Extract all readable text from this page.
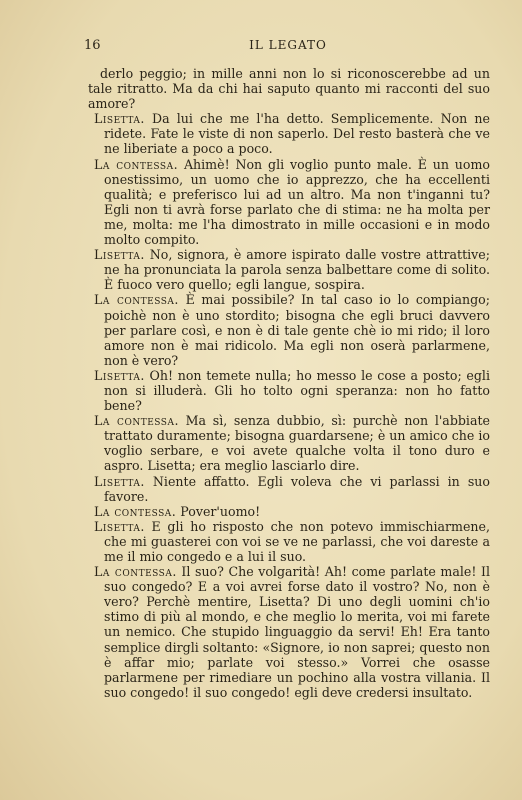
16	IL LEGATO

derlo peggio; in mille anni non lo si riconoscerebbe ad un tale ritratto. Ma da chi hai saputo quanto mi racconti del suo amore?

Lisetta. Da lui che me l'ha detto. Semplicemente. Non ne ridete. Fate le viste di non saperlo. Del resto basterà che ve ne liberiate a poco a poco.

La contessa. Ahimè! Non gli voglio punto male. È un uomo onestissimo, un uomo che io apprezzo, che ha eccellenti qualità; e preferisco lui ad un altro. Ma non t'inganni tu? Egli non ti avrà forse parlato che di stima: ne ha molta per me, molta: me l'ha dimostrato in mille occasioni e in modo molto compito.

Lisetta. No, signora, è amore ispirato dalle vostre attrattive; ne ha pronunciata la parola senza balbettare come di solito. È fuoco vero quello; egli langue, sospira.

La contessa. È mai possibile? In tal caso io lo compiango; poichè non è uno stordito; bisogna che egli bruci davvero per parlare così, e non è di tale gente chè io mi rido; il loro amore non è mai ridicolo. Ma egli non oserà parlarmene, non è vero?

Lisetta. Oh! non temete nulla; ho messo le cose a posto; egli non si illuderà. Gli ho tolto ogni speranza: non ho fatto bene?

La contessa. Ma sì, senza dubbio, sì: purchè non l'abbiate trattato duramente; bisogna guardarsene; è un amico che io voglio serbare, e voi avete qualche volta il tono duro e aspro. Lisetta; era meglio lasciarlo dire.

Lisetta. Niente affatto. Egli voleva che vi parlassi in suo favore.

La contessa. Pover'uomo!

Lisetta. E gli ho risposto che non potevo immischiarmene, che mi guasterei con voi se ve ne parlassi, che voi dareste a me il mio congedo e a lui il suo.

La contessa. Il suo? Che volgarità! Ah! come parlate male! Il suo congedo? E a voi avrei forse dato il vostro? No, non è vero? Perchè mentire, Lisetta? Di uno degli uomini ch'io stimo di più al mondo, e che meglio lo merita, voi mi farete un nemico. Che stupido linguaggio da servi! Eh! Era tanto semplice dirgli soltanto: «Signore, io non saprei; questo non è affar mio; parlate voi stesso.» Vorrei che osasse parlarmene per rimediare un pochino alla vostra villania. Il suo congedo! il suo congedo! egli deve credersi insultato.
